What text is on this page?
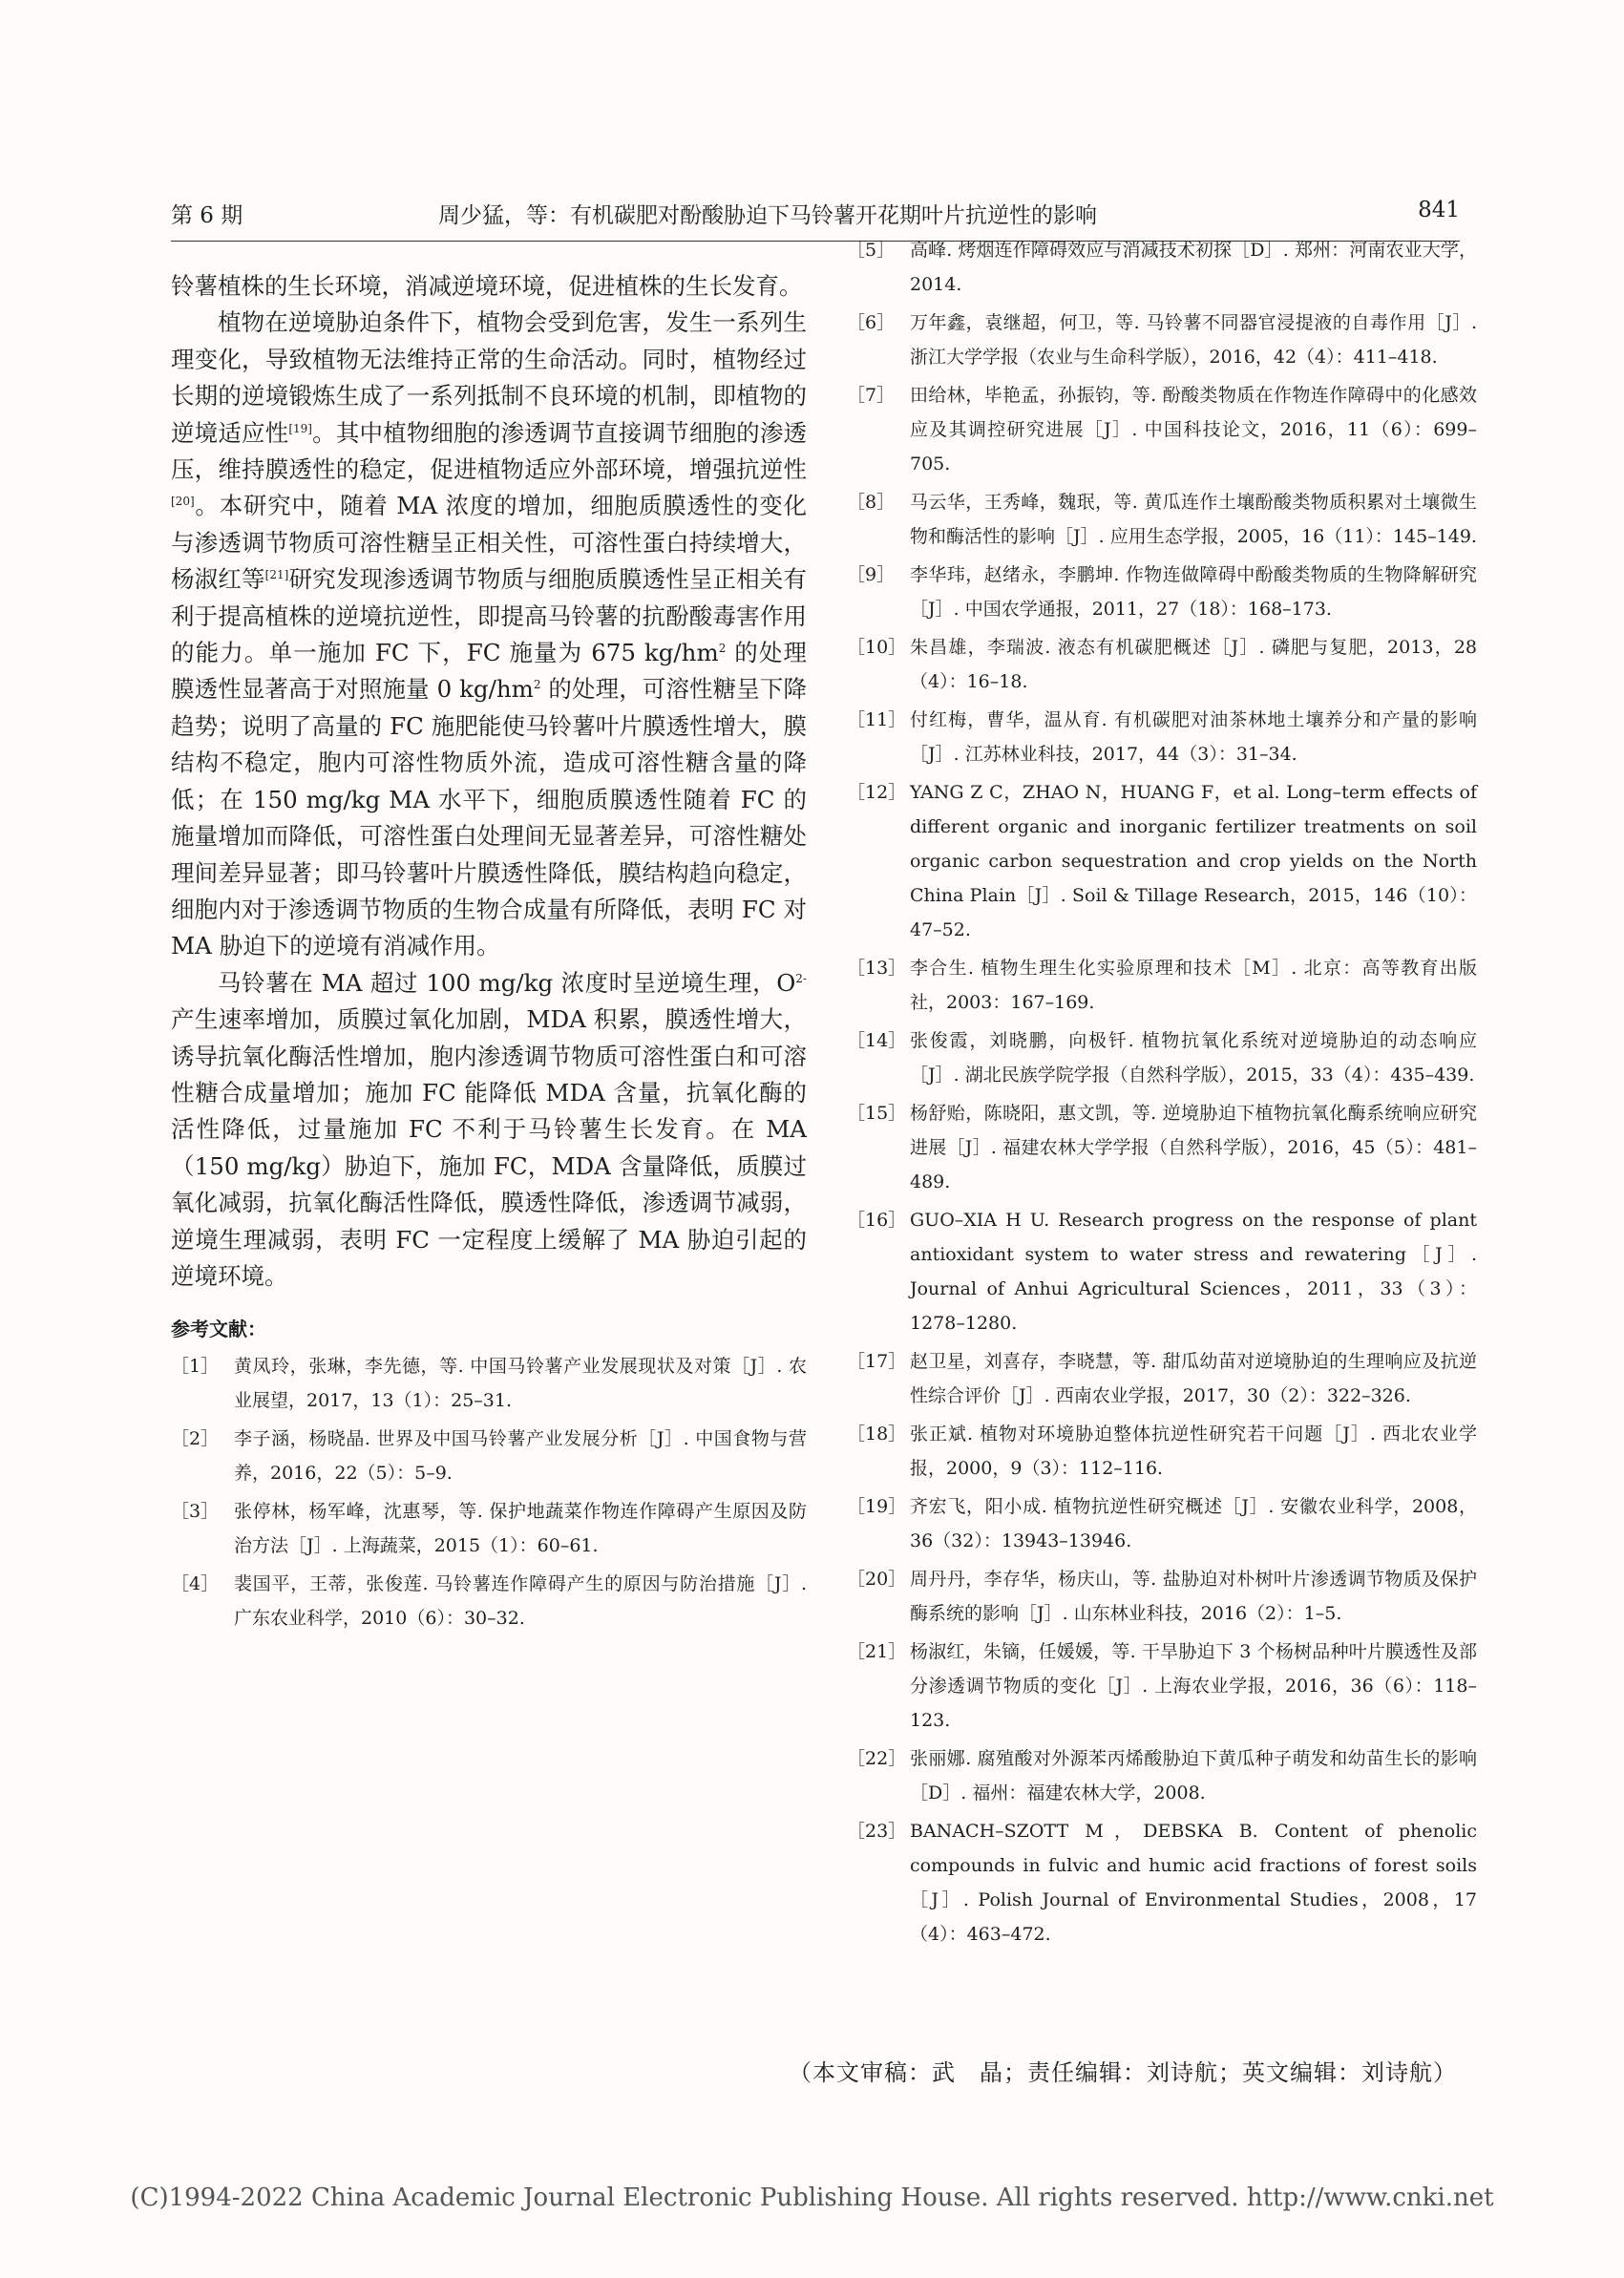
第 6 期	周少猛，等：有机碳肥对酚酸胁迫下马铃薯开花期叶片抗逆性的影响	841

铃薯植株的生长环境，消减逆境环境，促进植株的生长发育。

植物在逆境胁迫条件下，植物会受到危害，发生一系列生理变化，导致植物无法维持正常的生命活动。同时，植物经过长期的逆境锻炼生成了一系列抵制不良环境的机制，即植物的逆境适应性[19]。其中植物细胞的渗透调节直接调节细胞的渗透压，维持膜透性的稳定，促进植物适应外部环境，增强抗逆性[20]。本研究中，随着 MA 浓度的增加，细胞质膜透性的变化与渗透调节物质可溶性糖呈正相关性，可溶性蛋白持续增大，杨淑红等[21]研究发现渗透调节物质与细胞质膜透性呈正相关有利于提高植株的逆境抗逆性，即提高马铃薯的抗酚酸毒害作用的能力。单一施加 FC 下，FC 施量为 675 $kg/hm^2$ 的处理膜透性显著高于对照施量 0 $kg/hm^2$ 的处理，可溶性糖呈下降趋势；说明了高量的 FC 施肥能使马铃薯叶片膜透性增大，膜结构不稳定，胞内可溶性物质外流，造成可溶性糖含量的降低；在 150 mg/kg MA 水平下，细胞质膜透性随着 FC 的施量增加而降低，可溶性蛋白处理间无显著差异，可溶性糖处理间差异显著；即马铃薯叶片膜透性降低，膜结构趋向稳定，细胞内对于渗透调节物质的生物合成量有所降低，表明 FC 对 MA 胁迫下的逆境有消减作用。

马铃薯在 MA 超过 100 mg/kg 浓度时呈逆境生理，$O^{2-}$产生速率增加，质膜过氧化加剧，MDA 积累，膜透性增大，诱导抗氧化酶活性增加，胞内渗透调节物质可溶性蛋白和可溶性糖合成量增加；施加 FC 能降低 MDA 含量，抗氧化酶的活性降低，过量施加 FC 不利于马铃薯生长发育。在 MA（150 mg/kg）胁迫下，施加 FC，MDA 含量降低，质膜过氧化减弱，抗氧化酶活性降低，膜透性降低，渗透调节减弱，逆境生理减弱，表明 FC 一定程度上缓解了 MA 胁迫引起的逆境环境。

参考文献：
［1］ 黄凤玲，张琳，李先德，等. 中国马铃薯产业发展现状及对策［J］. 农业展望，2017，13（1）：25–31.
［2］ 李子涵，杨晓晶. 世界及中国马铃薯产业发展分析［J］. 中国食物与营养，2016，22（5）：5–9.
［3］ 张停林，杨军峰，沈惠琴，等. 保护地蔬菜作物连作障碍产生原因及防治方法［J］. 上海蔬菜，2015（1）：60–61.
［4］ 裴国平，王蒂，张俊莲. 马铃薯连作障碍产生的原因与防治措施［J］. 广东农业科学，2010（6）：30–32.
［5］ 高峰. 烤烟连作障碍效应与消减技术初探［D］. 郑州：河南农业大学，2014.
［6］ 万年鑫，袁继超，何卫，等. 马铃薯不同器官浸提液的自毒作用［J］. 浙江大学学报（农业与生命科学版），2016，42（4）：411–418.
［7］ 田给林，毕艳孟，孙振钧，等. 酚酸类物质在作物连作障碍中的化感效应及其调控研究进展［J］. 中国科技论文，2016，11（6）：699–705.
［8］ 马云华，王秀峰，魏珉，等. 黄瓜连作土壤酚酸类物质积累对土壤微生物和酶活性的影响［J］. 应用生态学报，2005，16（11）：145–149.
［9］ 李华玮，赵绪永，李鹏坤. 作物连做障碍中酚酸类物质的生物降解研究［J］. 中国农学通报，2011，27（18）：168–173.
［10］ 朱昌雄，李瑞波. 液态有机碳肥概述［J］. 磷肥与复肥，2013，28（4）：16–18.
［11］ 付红梅，曹华，温从育. 有机碳肥对油茶林地土壤养分和产量的影响［J］. 江苏林业科技，2017，44（3）：31–34.
［12］ YANG Z C，ZHAO N，HUANG F，et al. Long–term effects of different organic and inorganic fertilizer treatments on soil organic carbon sequestration and crop yields on the North China Plain［J］. Soil & Tillage Research，2015，146（10）：47–52.
［13］ 李合生. 植物生理生化实验原理和技术［M］. 北京：高等教育出版社，2003：167–169.
［14］ 张俊霞，刘晓鹏，向极钎. 植物抗氧化系统对逆境胁迫的动态响应［J］. 湖北民族学院学报（自然科学版），2015，33（4）：435–439.
［15］ 杨舒贻，陈晓阳，惠文凯，等. 逆境胁迫下植物抗氧化酶系统响应研究进展［J］. 福建农林大学学报（自然科学版），2016，45（5）：481–489.
［16］ GUO–XIA H U. Research progress on the response of plant antioxidant system to water stress and rewatering［J］. Journal of Anhui Agricultural Sciences，2011，33（3）：1278–1280.
［17］ 赵卫星，刘喜存，李晓慧，等. 甜瓜幼苗对逆境胁迫的生理响应及抗逆性综合评价［J］. 西南农业学报，2017，30（2）：322–326.
［18］ 张正斌. 植物对环境胁迫整体抗逆性研究若干问题［J］. 西北农业学报，2000，9（3）：112–116.
［19］ 齐宏飞，阳小成. 植物抗逆性研究概述［J］. 安徽农业科学，2008，36（32）：13943–13946.
［20］ 周丹丹，李存华，杨庆山，等. 盐胁迫对朴树叶片渗透调节物质及保护酶系统的影响［J］. 山东林业科技，2016（2）：1–5.
［21］ 杨淑红，朱镝，任媛媛，等. 干旱胁迫下 3 个杨树品种叶片膜透性及部分渗透调节物质的变化［J］. 上海农业学报，2016，36（6）：118–123.
［22］ 张丽娜. 腐殖酸对外源苯丙烯酸胁迫下黄瓜种子萌发和幼苗生长的影响［D］. 福州：福建农林大学，2008.
［23］ BANACH–SZOTT M，DEBSKA B. Content of phenolic compounds in fulvic and humic acid fractions of forest soils［J］. Polish Journal of Environmental Studies，2008，17（4）：463–472.
（本文审稿：武　晶；责任编辑：刘诗航；英文编辑：刘诗航）
(C)1994-2022 China Academic Journal Electronic Publishing House. All rights reserved. http://www.cnki.net
